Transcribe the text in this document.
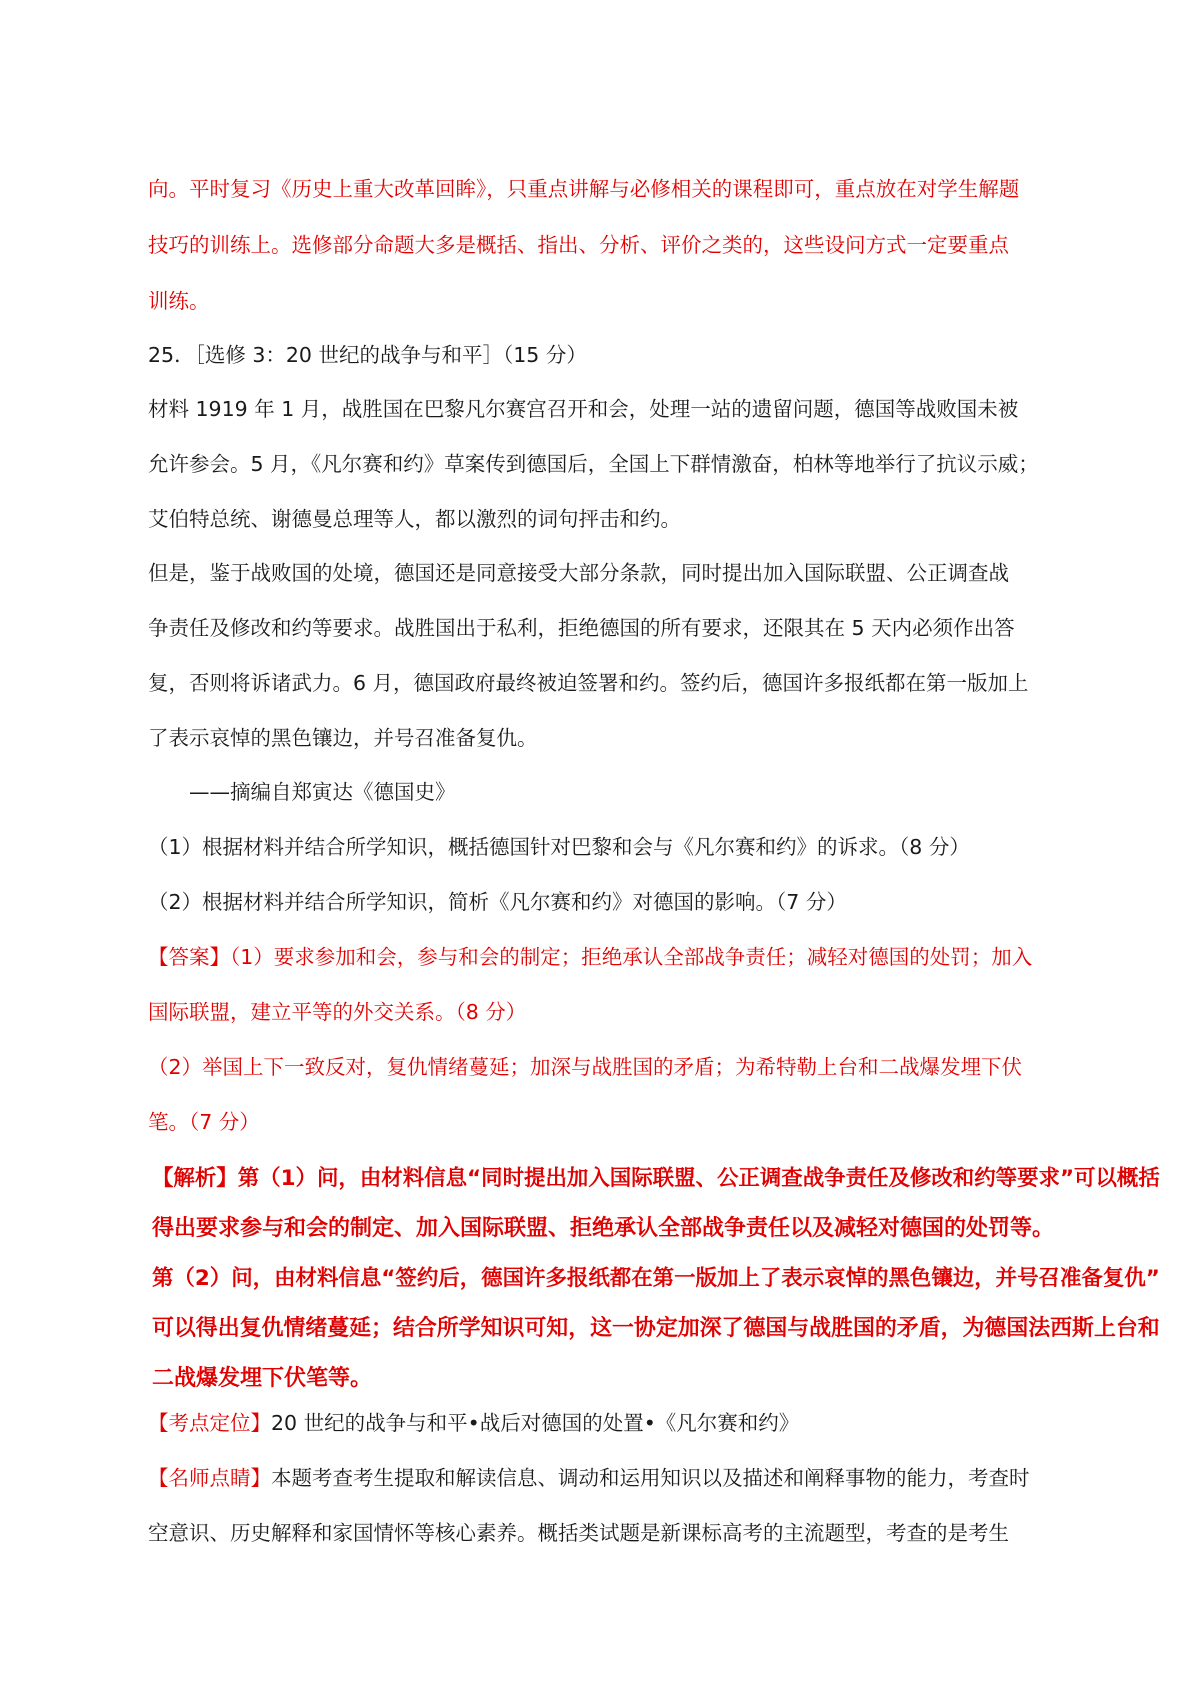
向。平时复习《历史上重大改革回眸》，只重点讲解与必修相关的课程即可，重点放在对学生解题

技巧的训练上。选修部分命题大多是概括、指出、分析、评价之类的，这些设问方式一定要重点

训练。

25．［选修 3：20 世纪的战争与和平］（15 分）

材料 1919 年 1 月，战胜国在巴黎凡尔赛宫召开和会，处理一站的遗留问题，德国等战败国未被

允许参会。5 月，《凡尔赛和约》草案传到德国后，全国上下群情激奋，柏林等地举行了抗议示威；

艾伯特总统、谢德曼总理等人，都以激烈的词句抨击和约。

但是，鉴于战败国的处境，德国还是同意接受大部分条款，同时提出加入国际联盟、公正调查战

争责任及修改和约等要求。战胜国出于私利，拒绝德国的所有要求，还限其在 5 天内必须作出答

复，否则将诉诸武力。6 月，德国政府最终被迫签署和约。签约后，德国许多报纸都在第一版加上

了表示哀悼的黑色镶边，并号召准备复仇。

——摘编自郑寅达《德国史》

（1）根据材料并结合所学知识，概括德国针对巴黎和会与《凡尔赛和约》的诉求。（8 分）

（2）根据材料并结合所学知识，简析《凡尔赛和约》对德国的影响。（7 分）

【答案】（1）要求参加和会，参与和会的制定；拒绝承认全部战争责任；减轻对德国的处罚；加入

国际联盟，建立平等的外交关系。（8 分）

（2）举国上下一致反对，复仇情绪蔓延；加深与战胜国的矛盾；为希特勒上台和二战爆发埋下伏

笔。（7 分）

【解析】第（1）问，由材料信息“同时提出加入国际联盟、公正调查战争责任及修改和约等要求”可以概括

得出要求参与和会的制定、加入国际联盟、拒绝承认全部战争责任以及减轻对德国的处罚等。

第（2）问，由材料信息“签约后，德国许多报纸都在第一版加上了表示哀悼的黑色镶边，并号召准备复仇”

可以得出复仇情绪蔓延；结合所学知识可知，这一协定加深了德国与战胜国的矛盾，为德国法西斯上台和

二战爆发埋下伏笔等。

【考点定位】20 世纪的战争与和平•战后对德国的处置•《凡尔赛和约》

【名师点睛】本题考查考生提取和解读信息、调动和运用知识以及描述和阐释事物的能力，考查时

空意识、历史解释和家国情怀等核心素养。概括类试题是新课标高考的主流题型，考查的是考生
